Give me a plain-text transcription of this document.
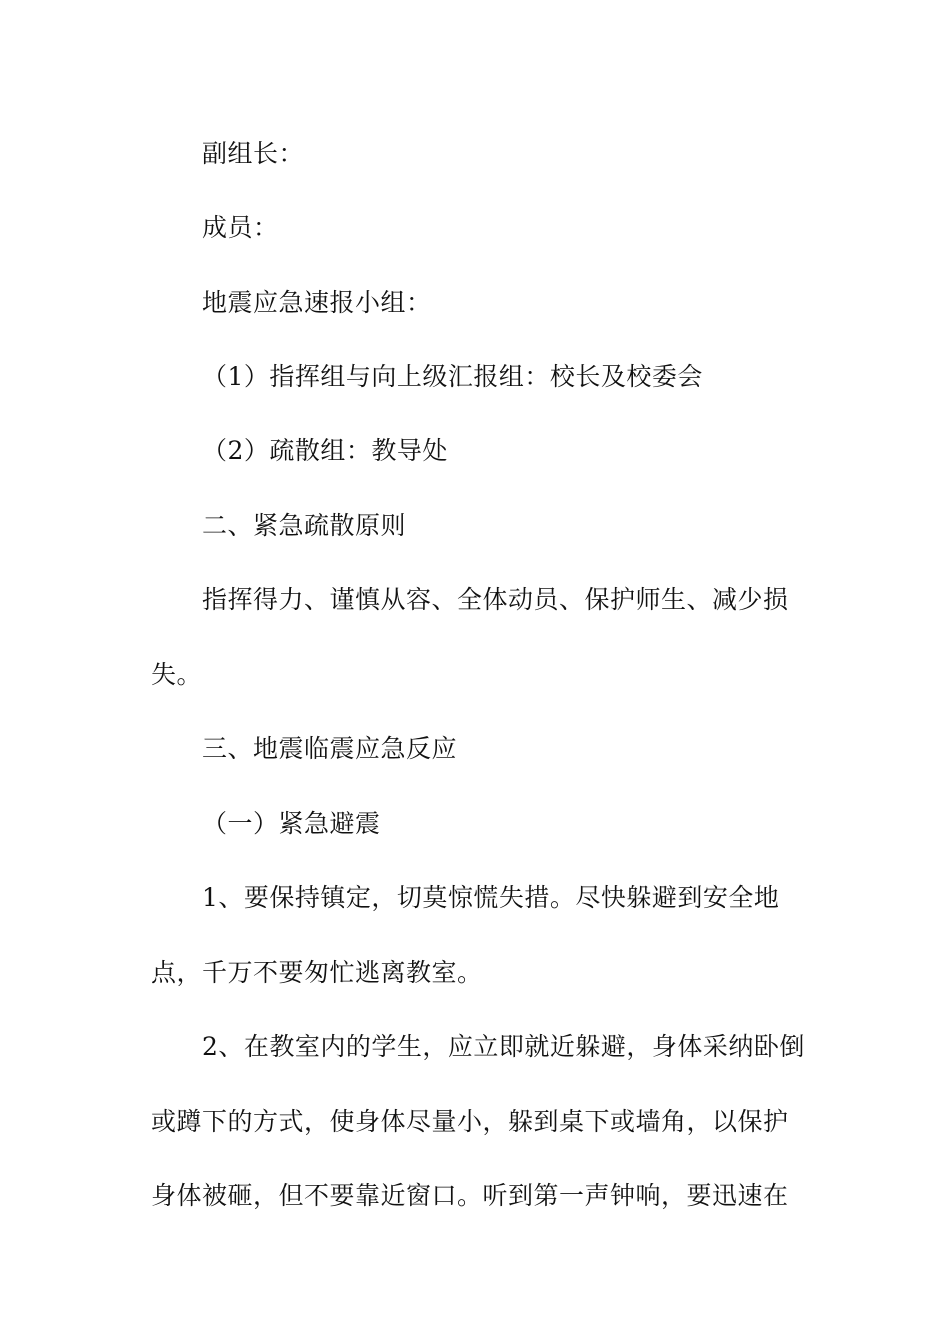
副组长：
成员：
地震应急速报小组：
（1）指挥组与向上级汇报组：校长及校委会
（2）疏散组：教导处
二、紧急疏散原则
指挥得力、谨慎从容、全体动员、保护师生、减少损
失。
三、地震临震应急反应
（一）紧急避震
1、要保持镇定，切莫惊慌失措。尽快躲避到安全地
点，千万不要匆忙逃离教室。
2、在教室内的学生，应立即就近躲避，身体采纳卧倒
或蹲下的方式，使身体尽量小，躲到桌下或墙角，以保护
身体被砸，但不要靠近窗口。听到第一声钟响，要迅速在
